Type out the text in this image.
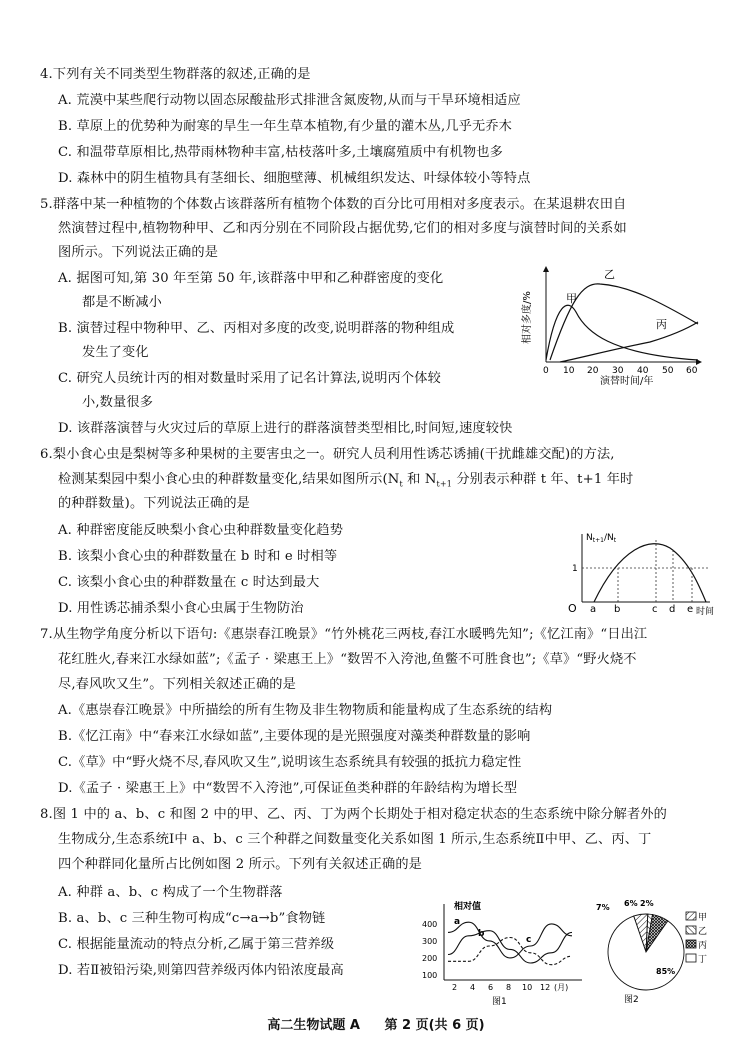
4.下列有关不同类型生物群落的叙述,正确的是
A. 荒漠中某些爬行动物以固态尿酸盐形式排泄含氮废物,从而与干旱环境相适应
B. 草原上的优势种为耐寒的旱生一年生草本植物,有少量的灌木丛,几乎无乔木
C. 和温带草原相比,热带雨林物种丰富,枯枝落叶多,土壤腐殖质中有机物也多
D. 森林中的阴生植物具有茎细长、细胞壁薄、机械组织发达、叶绿体较小等特点
5.群落中某一种植物的个体数占该群落所有植物个体数的百分比可用相对多度表示。在某退耕农田自
然演替过程中,植物物种甲、乙和丙分别在不同阶段占据优势,它们的相对多度与演替时间的关系如
图所示。下列说法正确的是
A. 据图可知,第 30 年至第 50 年,该群落中甲和乙种群密度的变化
都是不断减小
B. 演替过程中物种甲、乙、丙相对多度的改变,说明群落的物种组成
发生了变化
C. 研究人员统计丙的相对数量时采用了记名计算法,说明丙个体较
小,数量很多
D. 该群落演替与火灾过后的草原上进行的群落演替类型相比,时间短,速度较快
甲
乙
丙
相对多度/%
0 10 20 30 40 50 60
演替时间/年
6.梨小食心虫是梨树等多种果树的主要害虫之一。研究人员利用性诱芯诱捕(干扰雌雄交配)的方法,
检测某梨园中梨小食心虫的种群数量变化,结果如图所示($N_t$ 和 $N_{t+1}$ 分别表示种群 t 年、t+1 年时
的种群数量)。下列说法正确的是
A. 种群密度能反映梨小食心虫种群数量变化趋势
B. 该梨小食心虫的种群数量在 b 时和 e 时相等
C. 该梨小食心虫的种群数量在 c 时达到最大
D. 用性诱芯捕杀梨小食心虫属于生物防治
$N_{t+1}/N_t$
1
O a b	c d e 时间
7.从生物学角度分析以下语句:《惠崇春江晚景》“竹外桃花三两枝,春江水暖鸭先知”;《忆江南》“日出江
花红胜火,春来江水绿如蓝”;《孟子 · 梁惠王上》“数罟不入洿池,鱼鳖不可胜食也”;《草》“野火烧不
尽,春风吹又生”。下列相关叙述正确的是
A.《惠崇春江晚景》中所描绘的所有生物及非生物物质和能量构成了生态系统的结构
B.《忆江南》中“春来江水绿如蓝”,主要体现的是光照强度对藻类种群数量的影响
C.《草》中“野火烧不尽,春风吹又生”,说明该生态系统具有较强的抵抗力稳定性
D.《孟子 · 梁惠王上》中“数罟不入洿池”,可保证鱼类种群的年龄结构为增长型
8.图 1 中的 a、b、c 和图 2 中的甲、乙、丙、丁为两个长期处于相对稳定状态的生态系统中除分解者外的
生物成分,生态系统Ⅰ中 a、b、c 三个种群之间数量变化关系如图 1 所示,生态系统Ⅱ中甲、乙、丙、丁
四个种群同化量所占比例如图 2 所示。下列有关叙述正确的是
A. 种群 a、b、c 构成了一个生物群落
B. a、b、c 三种生物可构成“c→a→b”食物链
C. 根据能量流动的特点分析,乙属于第三营养级
D. 若Ⅱ被铅污染,则第四营养级丙体内铅浓度最高
相对值
400
300
200
100
2 4 6 8 10 12 (月)
a
b
c
图1
7% 6% 2%
85%
甲
乙
丙
丁
图2
高二生物试题 A 第 2 页(共 6 页)
